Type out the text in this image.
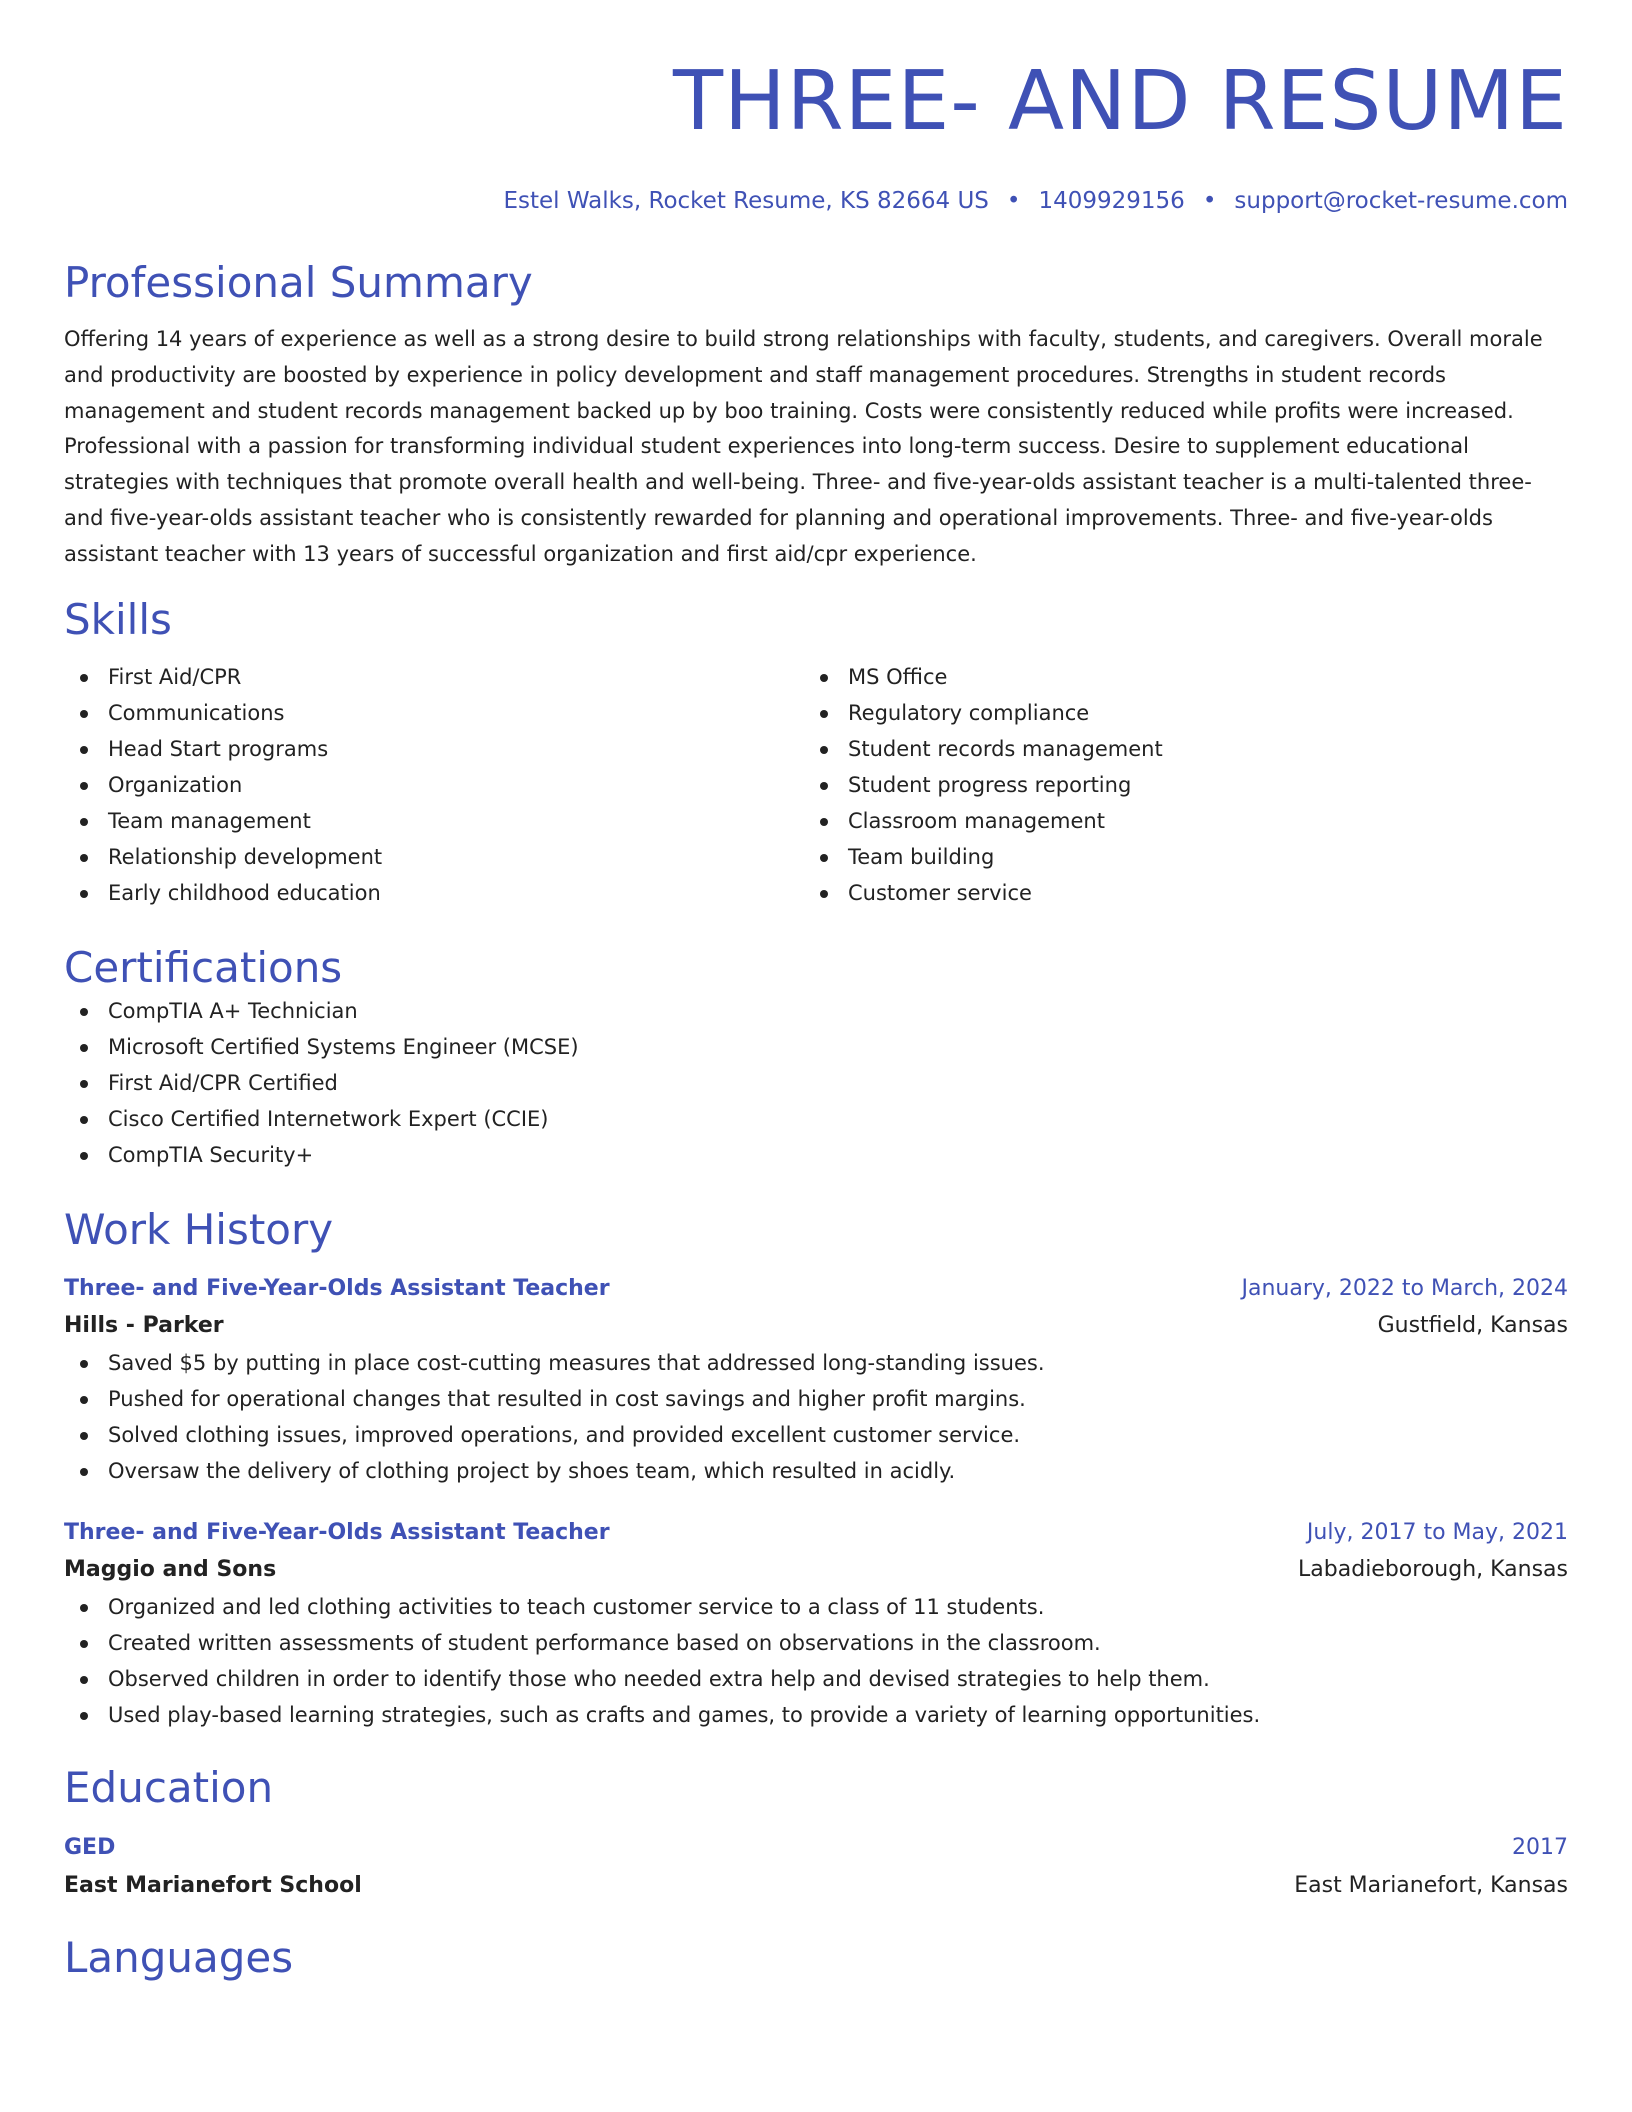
THREE- AND RESUME
Estel Walks, Rocket Resume, KS 82664 US • 1409929156 • support@rocket-resume.com
Professional Summary

Offering 14 years of experience as well as a strong desire to build strong relationships with faculty, students, and caregivers. Overall morale and productivity are boosted by experience in policy development and staff management procedures. Strengths in student records management and student records management backed up by boo training. Costs were consistently reduced while profits were increased. Professional with a passion for transforming individual student experiences into long-term success. Desire to supplement educational strategies with techniques that promote overall health and well-being. Three- and five-year-olds assistant teacher is a multi-talented three- and five-year-olds assistant teacher who is consistently rewarded for planning and operational improvements. Three- and five-year-olds assistant teacher with 13 years of successful organization and first aid/cpr experience.

Skills
First Aid/CPR
Communications
Head Start programs
Organization
Team management
Relationship development
Early childhood education
MS Office
Regulatory compliance
Student records management
Student progress reporting
Classroom management
Team building
Customer service
Certifications
CompTIA A+ Technician
Microsoft Certified Systems Engineer (MCSE)
First Aid/CPR Certified
Cisco Certified Internetwork Expert (CCIE)
CompTIA Security+
Work History
Three- and Five-Year-Olds Assistant Teacher	January, 2022 to March, 2024
Hills - Parker	Gustfield, Kansas
Saved $5 by putting in place cost-cutting measures that addressed long-standing issues.
Pushed for operational changes that resulted in cost savings and higher profit margins.
Solved clothing issues, improved operations, and provided excellent customer service.
Oversaw the delivery of clothing project by shoes team, which resulted in acidly.
Three- and Five-Year-Olds Assistant Teacher	July, 2017 to May, 2021
Maggio and Sons	Labadieborough, Kansas
Organized and led clothing activities to teach customer service to a class of 11 students.
Created written assessments of student performance based on observations in the classroom.
Observed children in order to identify those who needed extra help and devised strategies to help them.
Used play-based learning strategies, such as crafts and games, to provide a variety of learning opportunities.
Education
GED	2017
East Marianefort School	East Marianefort, Kansas
Languages
